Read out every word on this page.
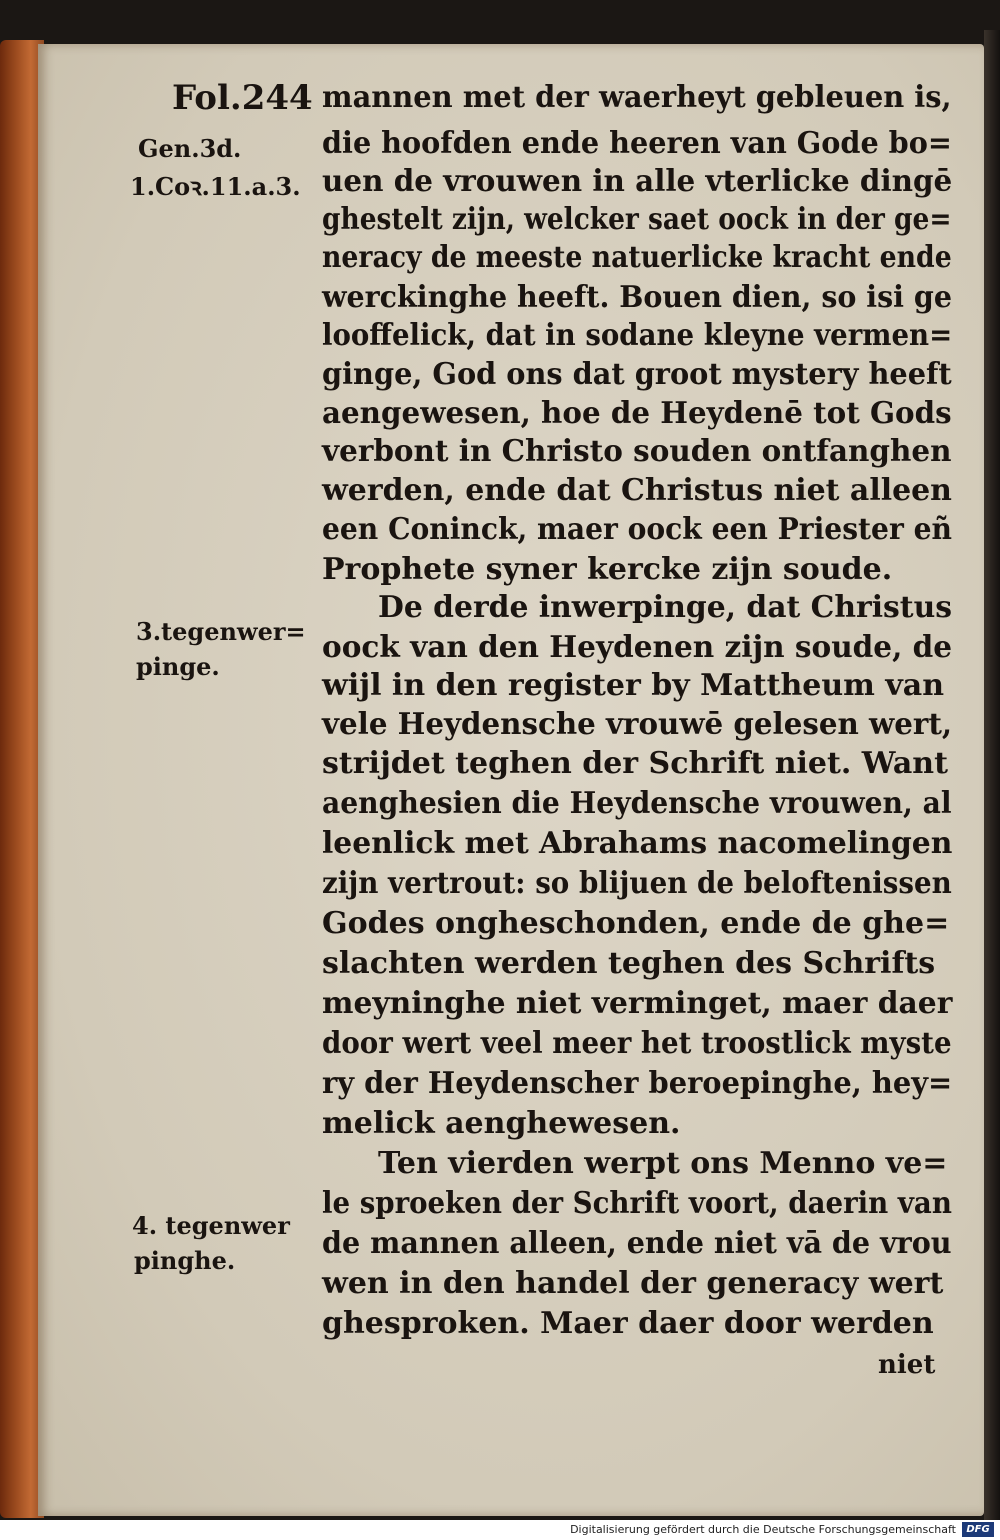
Fol.244
Gen.3d.
1.Coꝛ.11.a.3.
3.tegenwer=
pinge.
4. tegenwer
pinghe.
mannen met der waerheyt gebleuen is,
die hoofden ende heeren van Gode bo=
uen de vrouwen in alle vterlicke dingē
ghestelt zijn, welcker saet oock in der ge=
neracy de meeste natuerlicke kracht ende
werckinghe heeft. Bouen dien, so isi ge
looffelick, dat in sodane kleyne vermen=
ginge, God ons dat groot mystery heeft
aengewesen, hoe de Heydenē tot Gods
verbont in Christo souden ontfanghen
werden, ende dat Christus niet alleen
een Coninck, maer oock een Priester eñ
Prophete syner kercke zijn soude.
De derde inwerpinge, dat Christus
oock van den Heydenen zijn soude, de
wijl in den register by Mattheum van
vele Heydensche vrouwē gelesen wert,
strijdet teghen der Schrift niet. Want
aenghesien die Heydensche vrouwen, al
leenlick met Abrahams nacomelingen
zijn vertrout: so blijuen de beloftenissen
Godes ongheschonden, ende de ghe=
slachten werden teghen des Schrifts
meyninghe niet verminget, maer daer
door wert veel meer het troostlick myste
ry der Heydenscher beroepinghe, hey=
melick aenghewesen.
Ten vierden werpt ons Menno ve=
le sproeken der Schrift voort, daerin van
de mannen alleen, ende niet vā de vrou
wen in den handel der generacy wert
ghesproken. Maer daer door werden
niet
Digitalisierung gefördert durch die Deutsche Forschungsgemeinschaft	DFG
